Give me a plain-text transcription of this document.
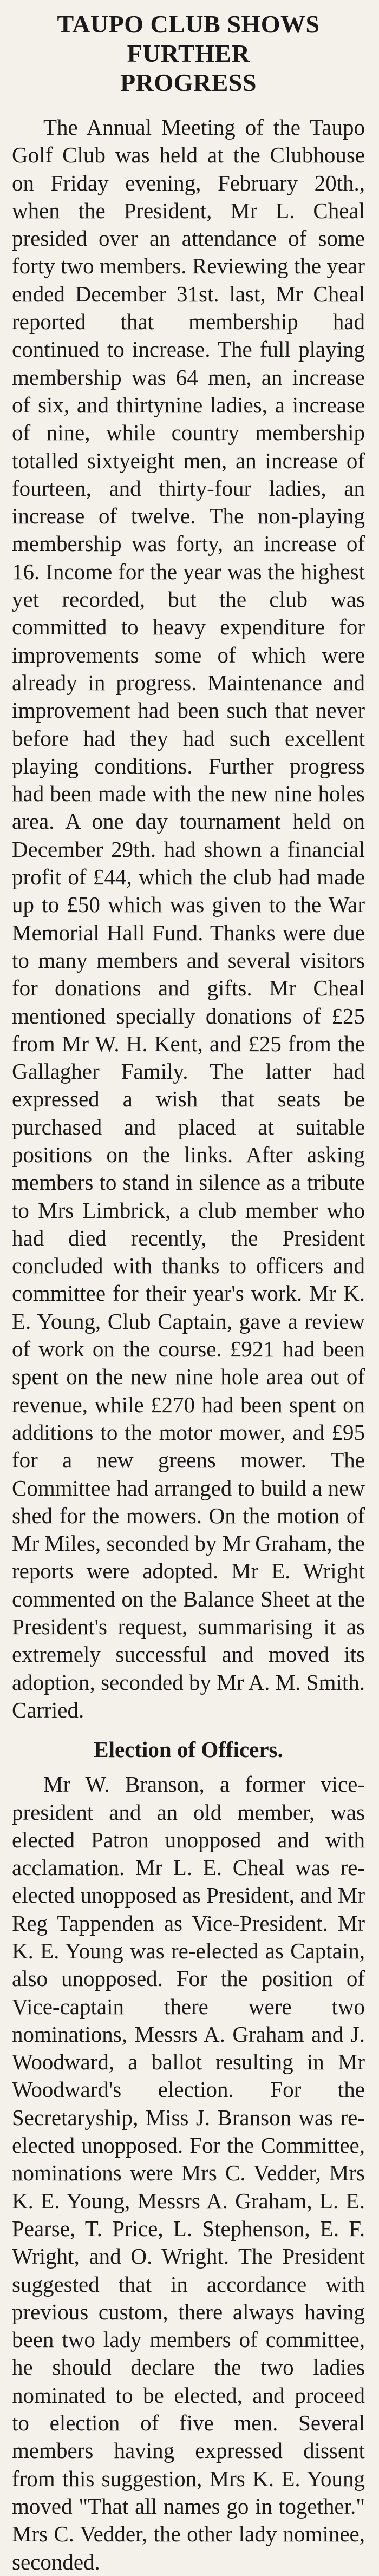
TAUPO CLUB SHOWS FURTHER
PROGRESS

The Annual Meeting of the Taupo Golf Club was held at the Clubhouse on Friday evening, February 20th., when the President, Mr L. Cheal presided over an attendance of some forty two members. Reviewing the year ended December 31st. last, Mr Cheal reported that membership had continued to increase. The full playing membership was 64 men, an increase of six, and thirtynine ladies, a increase of nine, while country membership totalled sixtyeight men, an increase of fourteen, and thirty-four ladies, an increase of twelve. The non-playing membership was forty, an increase of 16. Income for the year was the highest yet recorded, but the club was committed to heavy expenditure for improvements some of which were already in progress. Maintenance and improvement had been such that never before had they had such excellent playing conditions. Further progress had been made with the new nine holes area. A one day tournament held on December 29th. had shown a financial profit of £44, which the club had made up to £50 which was given to the War Memorial Hall Fund. Thanks were due to many members and several visitors for donations and gifts. Mr Cheal mentioned specially donations of £25 from Mr W. H. Kent, and £25 from the Gallagher Family. The latter had expressed a wish that seats be purchased and placed at suitable positions on the links. After asking members to stand in silence as a tribute to Mrs Limbrick, a club member who had died recently, the President concluded with thanks to officers and committee for their year's work. Mr K. E. Young, Club Captain, gave a review of work on the course. £921 had been spent on the new nine hole area out of revenue, while £270 had been spent on additions to the motor mower, and £95 for a new greens mower. The Committee had arranged to build a new shed for the mowers. On the motion of Mr Miles, seconded by Mr Graham, the reports were adopted. Mr E. Wright commented on the Balance Sheet at the President's request, summarising it as extremely successful and moved its adoption, seconded by Mr A. M. Smith. Carried.

Election of Officers.

Mr W. Branson, a former vice-president and an old member, was elected Patron unopposed and with acclamation. Mr L. E. Cheal was re-elected unopposed as President, and Mr Reg Tappenden as Vice-President. Mr K. E. Young was re-elected as Captain, also unopposed. For the position of Vice-captain there were two nominations, Messrs A. Graham and J. Woodward, a ballot resulting in Mr Woodward's election. For the Secretaryship, Miss J. Branson was re-elected unopposed. For the Committee, nominations were Mrs C. Vedder, Mrs K. E. Young, Messrs A. Graham, L. E. Pearse, T. Price, L. Stephenson, E. F. Wright, and O. Wright. The President suggested that in accordance with previous custom, there always having been two lady members of committee, he should declare the two ladies nominated to be elected, and proceed to election of five men. Several members having expressed dissent from this suggestion, Mrs K. E. Young moved "That all names go in together." Mrs C. Vedder, the other lady nominee, seconded.
